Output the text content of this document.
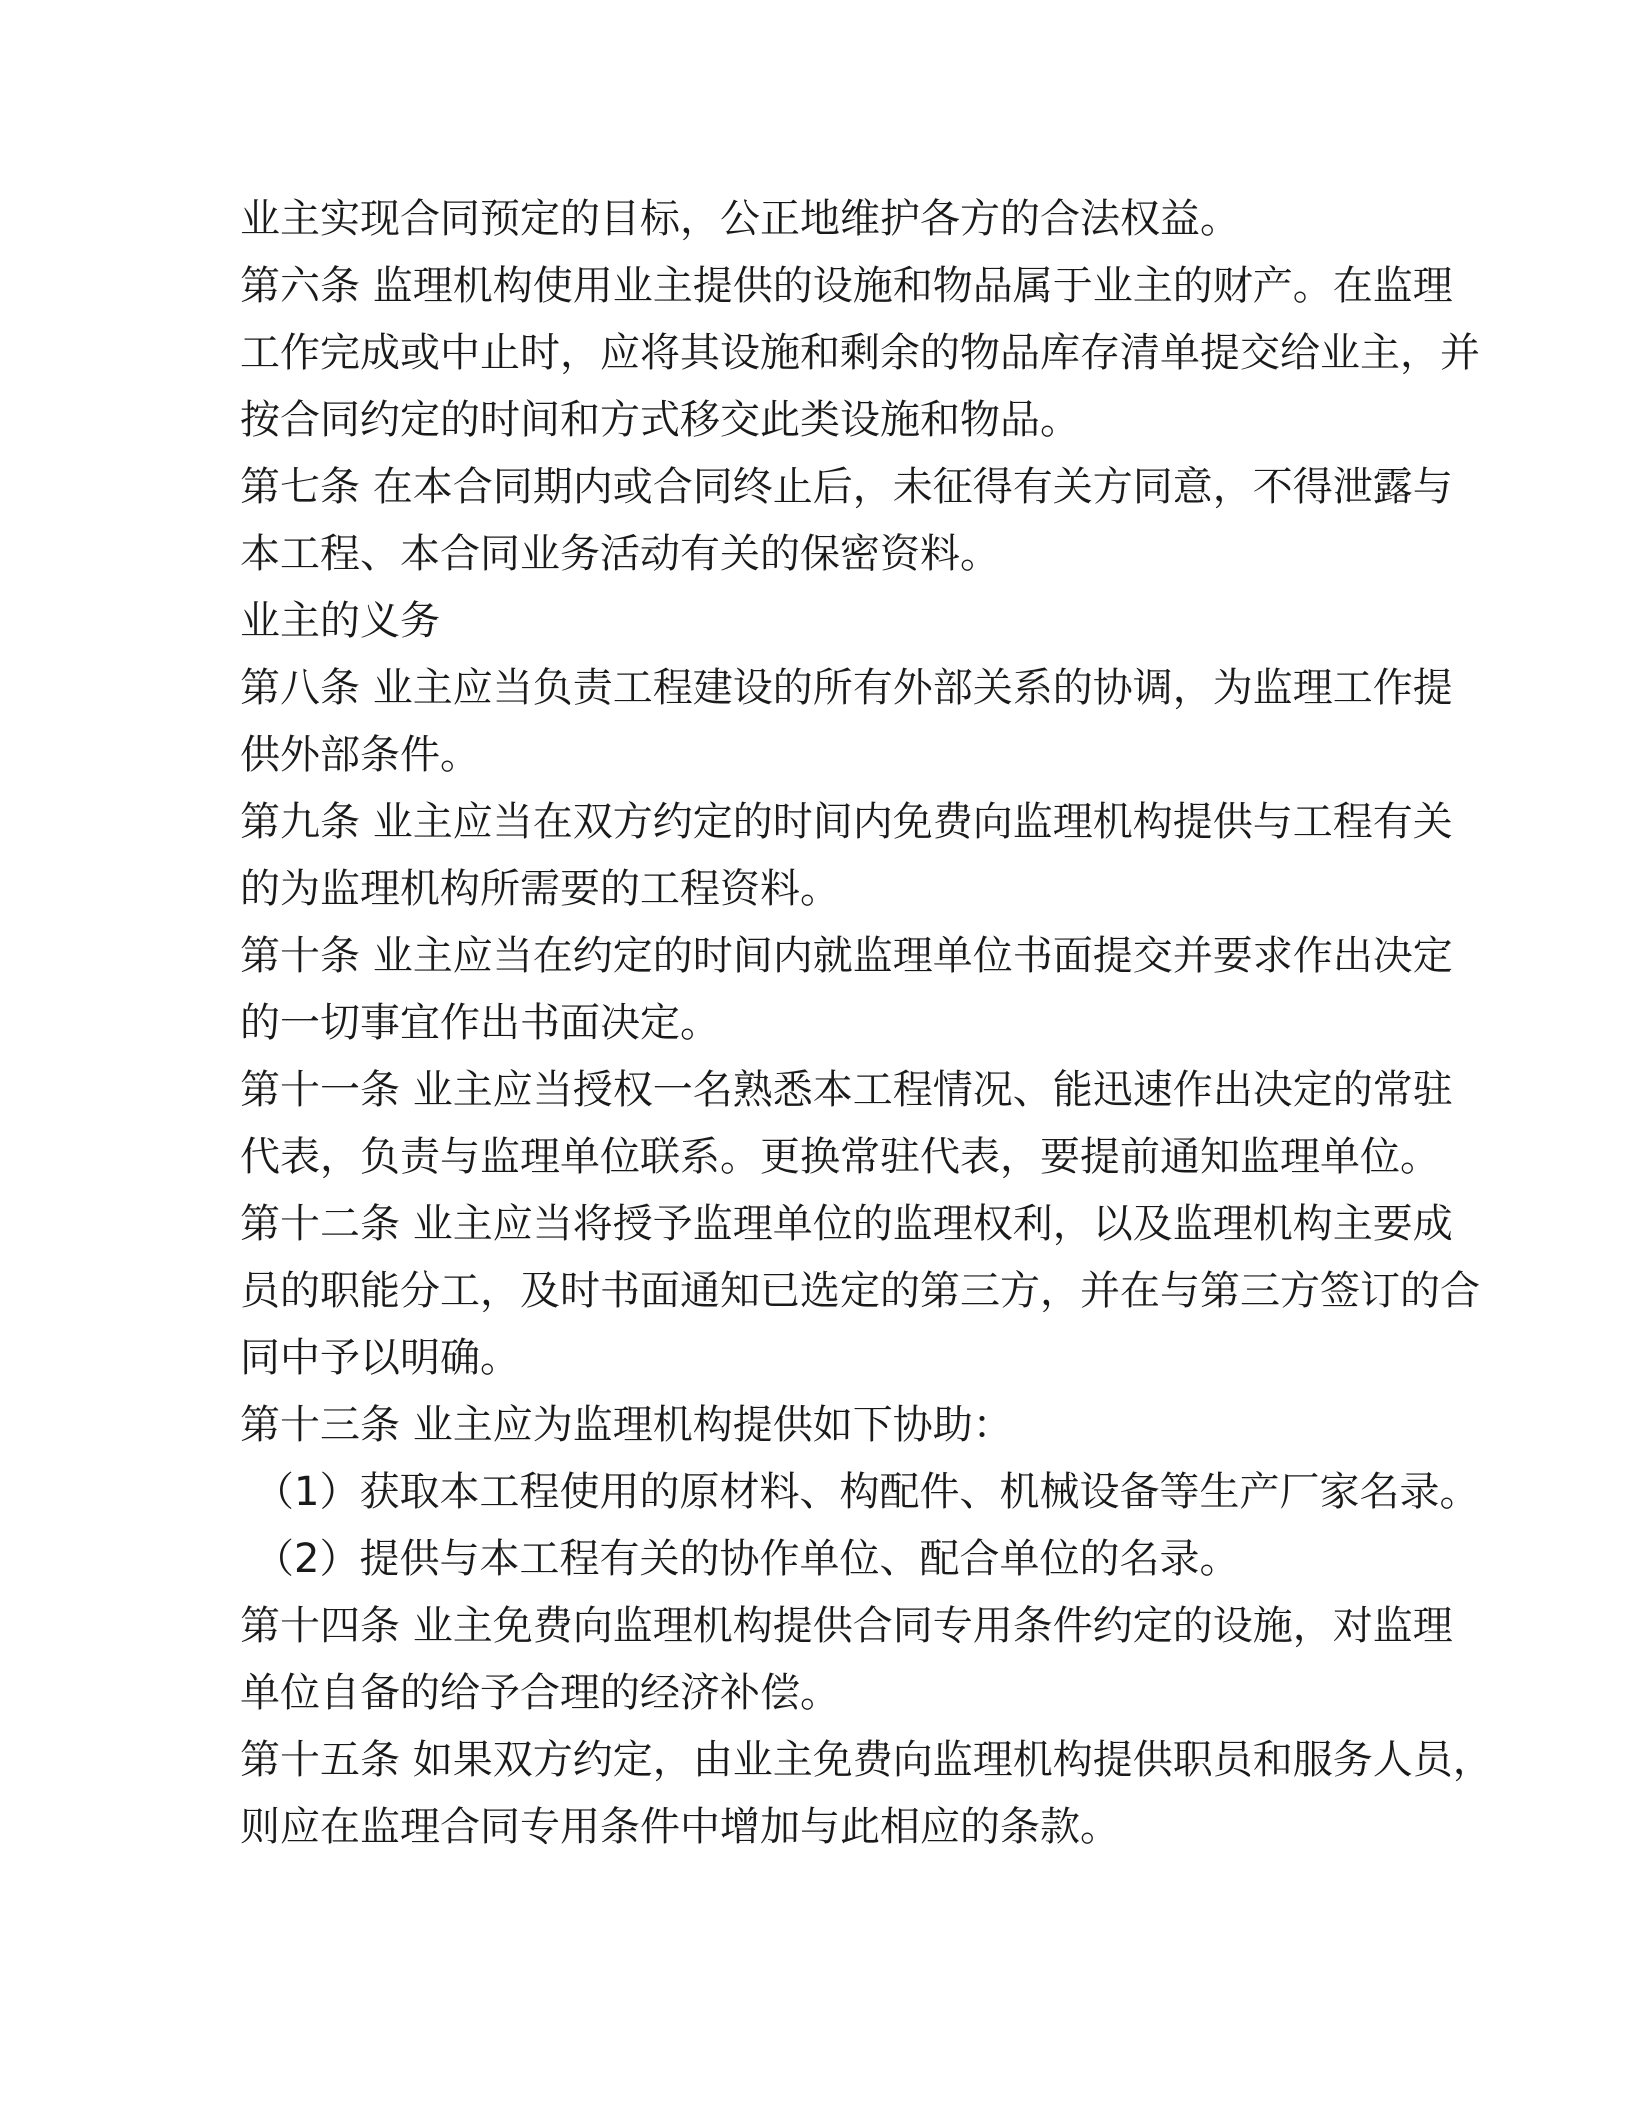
业主实现合同预定的目标，公正地维护各方的合法权益。
第六条 监理机构使用业主提供的设施和物品属于业主的财产。在监理
工作完成或中止时，应将其设施和剩余的物品库存清单提交给业主，并
按合同约定的时间和方式移交此类设施和物品。
第七条 在本合同期内或合同终止后，未征得有关方同意，不得泄露与
本工程、本合同业务活动有关的保密资料。
业主的义务
第八条 业主应当负责工程建设的所有外部关系的协调，为监理工作提
供外部条件。
第九条 业主应当在双方约定的时间内免费向监理机构提供与工程有关
的为监理机构所需要的工程资料。
第十条 业主应当在约定的时间内就监理单位书面提交并要求作出决定
的一切事宜作出书面决定。
第十一条 业主应当授权一名熟悉本工程情况、能迅速作出决定的常驻
代表，负责与监理单位联系。更换常驻代表，要提前通知监理单位。
第十二条 业主应当将授予监理单位的监理权利，以及监理机构主要成
员的职能分工，及时书面通知已选定的第三方，并在与第三方签订的合
同中予以明确。
第十三条 业主应为监理机构提供如下协助：
（1）获取本工程使用的原材料、构配件、机械设备等生产厂家名录。
（2）提供与本工程有关的协作单位、配合单位的名录。
第十四条 业主免费向监理机构提供合同专用条件约定的设施，对监理
单位自备的给予合理的经济补偿。
第十五条 如果双方约定，由业主免费向监理机构提供职员和服务人员，
则应在监理合同专用条件中增加与此相应的条款。
